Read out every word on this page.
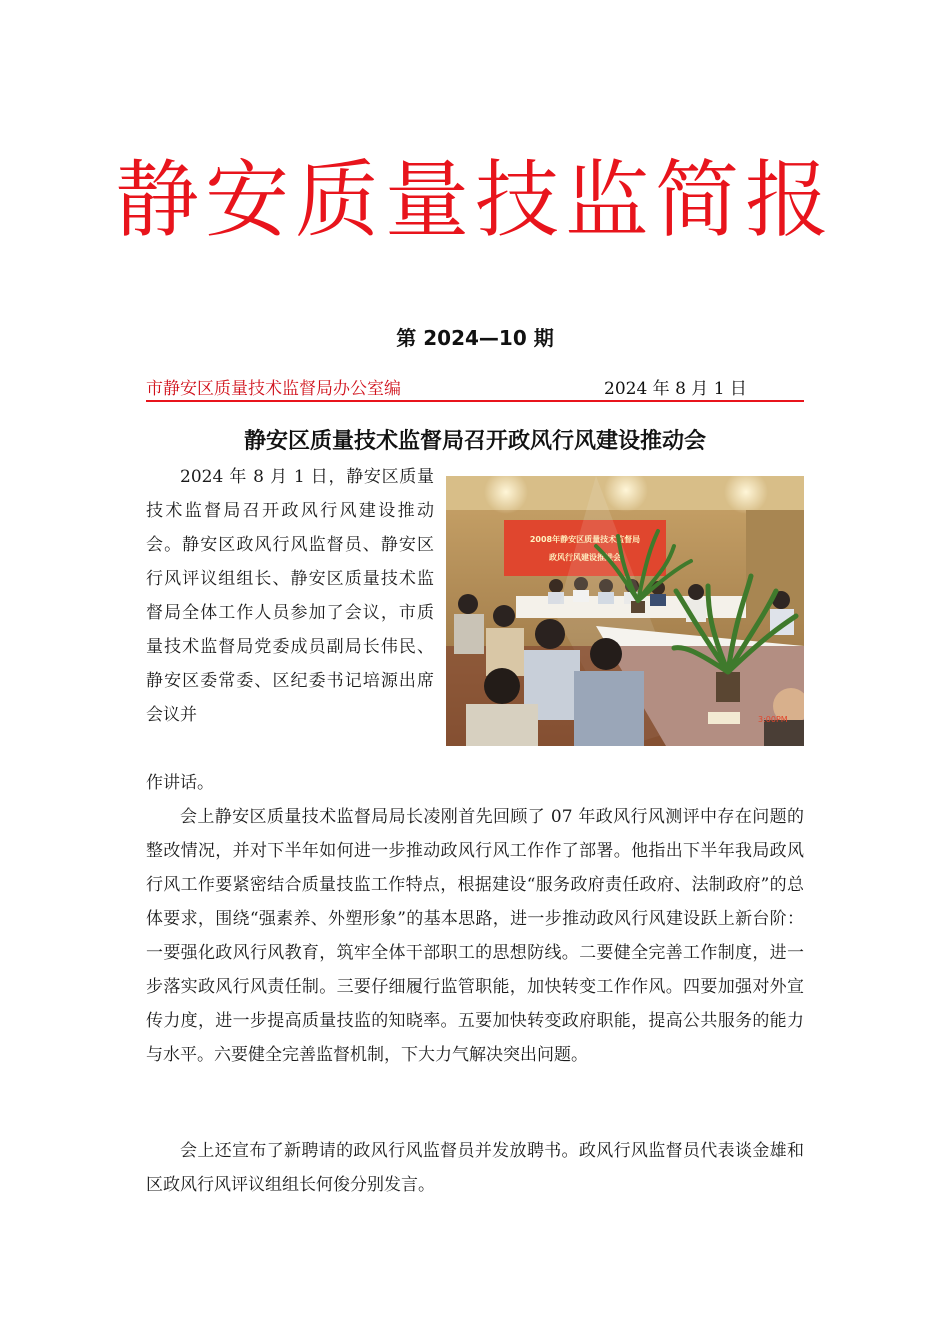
静安质量技监简报
第 2024—10 期
市静安区质量技术监督局办公室编	2024 年 8 月 1 日
静安区质量技术监督局召开政风行风建设推动会

2024 年 8 月 1 日，静安区质量技术监督局召开政风行风建设推动会。静安区政风行风监督员、静安区行风评议组组长、静安区质量技术监督局全体工作人员参加了会议，市质量技术监督局党委成员副局长伟民、静安区委常委、区纪委书记培源出席会议并

作讲话。

2008年静安区质量技术监督局
政风行风建设推进会
3:00PM

会上静安区质量技术监督局局长凌刚首先回顾了 07 年政风行风测评中存在问题的整改情况，并对下半年如何进一步推动政风行风工作作了部署。他指出下半年我局政风行风工作要紧密结合质量技监工作特点，根据建设“服务政府责任政府、法制政府”的总体要求，围绕“强素养、外塑形象”的基本思路，进一步推动政风行风建设跃上新台阶：一要强化政风行风教育，筑牢全体干部职工的思想防线。二要健全完善工作制度，进一步落实政风行风责任制。三要仔细履行监管职能，加快转变工作作风。四要加强对外宣传力度，进一步提高质量技监的知晓率。五要加快转变政府职能，提高公共服务的能力与水平。六要健全完善监督机制，下大力气解决突出问题。

会上还宣布了新聘请的政风行风监督员并发放聘书。政风行风监督员代表谈金雄和区政风行风评议组组长何俊分别发言。
